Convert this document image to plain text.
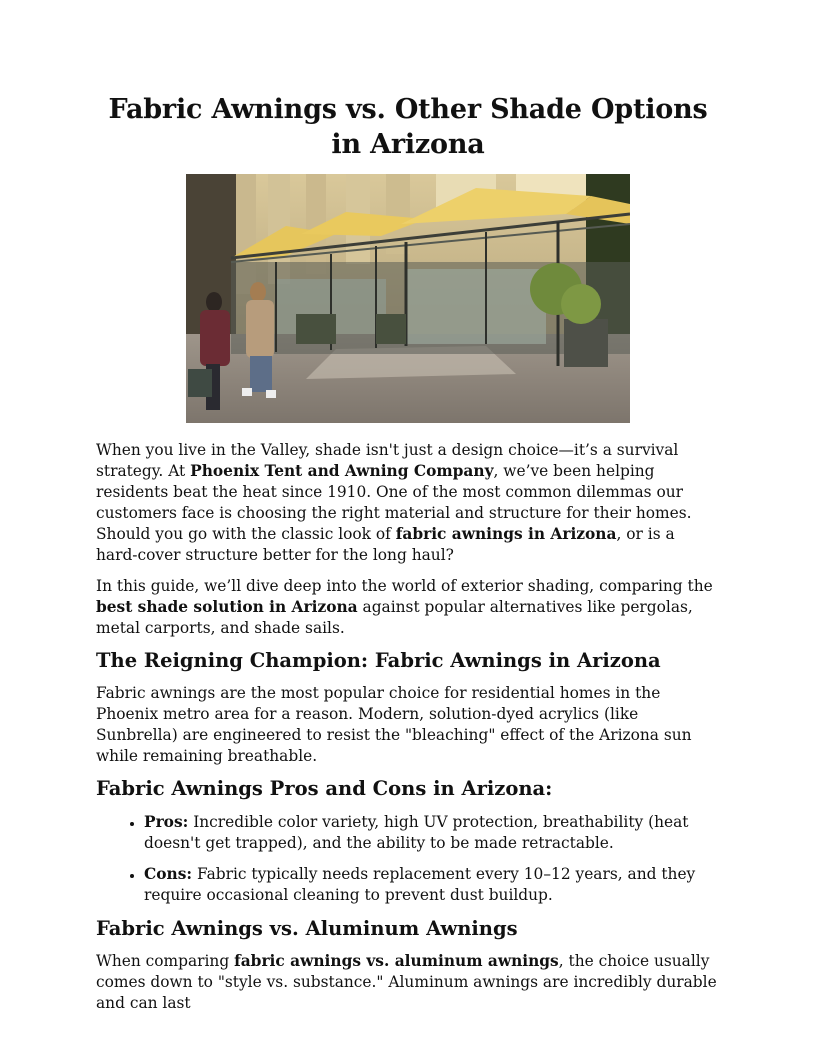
Fabric Awnings vs. Other Shade Options in Arizona

When you live in the Valley, shade isn't just a design choice—it’s a survival strategy. At Phoenix Tent and Awning Company, we’ve been helping residents beat the heat since 1910. One of the most common dilemmas our customers face is choosing the right material and structure for their homes. Should you go with the classic look of fabric awnings in Arizona, or is a hard-cover structure better for the long haul?

In this guide, we’ll dive deep into the world of exterior shading, comparing the best shade solution in Arizona against popular alternatives like pergolas, metal carports, and shade sails.

The Reigning Champion: Fabric Awnings in Arizona

Fabric awnings are the most popular choice for residential homes in the Phoenix metro area for a reason. Modern, solution-dyed acrylics (like Sunbrella) are engineered to resist the "bleaching" effect of the Arizona sun while remaining breathable.

Fabric Awnings Pros and Cons in Arizona:
• Pros: Incredible color variety, high UV protection, breathability (heat doesn't get trapped), and the ability to be made retractable.
• Cons: Fabric typically needs replacement every 10–12 years, and they require occasional cleaning to prevent dust buildup.
Fabric Awnings vs. Aluminum Awnings

When comparing fabric awnings vs. aluminum awnings, the choice usually comes down to "style vs. substance." Aluminum awnings are incredibly durable and can last
